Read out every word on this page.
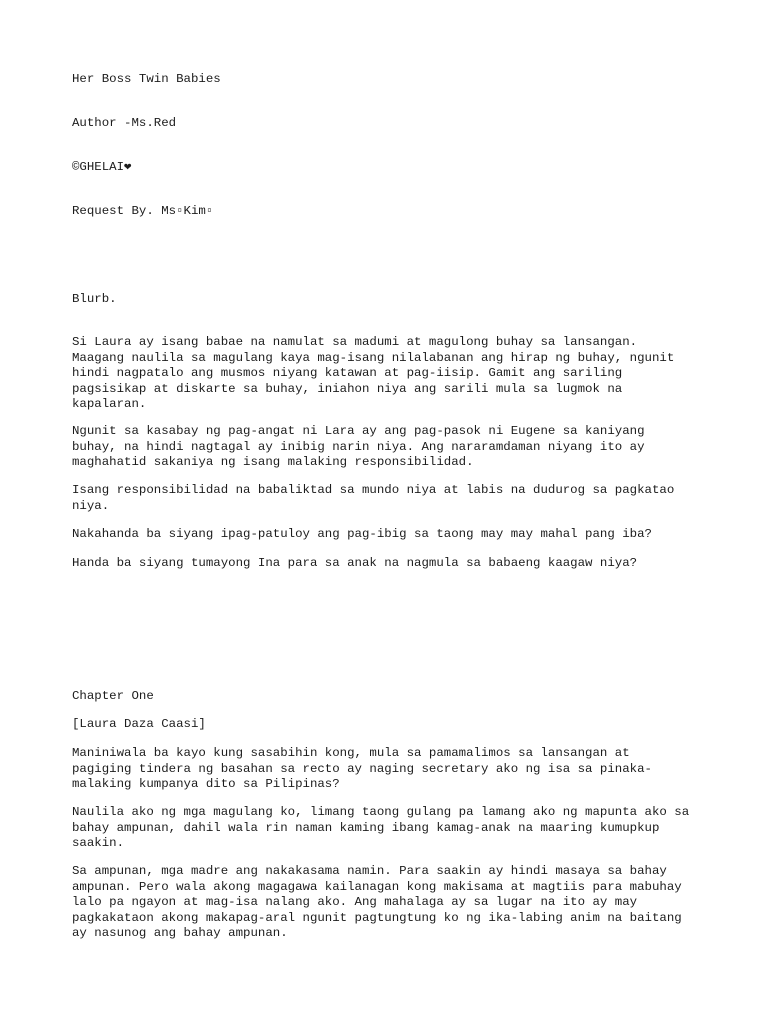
Her Boss Twin Babies

Author -Ms.Red

©GHELAI❤

Request By. Ms▫Kim▫

Blurb.

Si Laura ay isang babae na namulat sa madumi at magulong buhay sa lansangan.
Maagang naulila sa magulang kaya mag-isang nilalabanan ang hirap ng buhay, ngunit
hindi nagpatalo ang musmos niyang katawan at pag-iisip. Gamit ang sariling
pagsisikap at diskarte sa buhay, iniahon niya ang sarili mula sa lugmok na
kapalaran.

Ngunit sa kasabay ng pag-angat ni Lara ay ang pag-pasok ni Eugene sa kaniyang
buhay, na hindi nagtagal ay inibig narin niya. Ang nararamdaman niyang ito ay
maghahatid sakaniya ng isang malaking responsibilidad.

Isang responsibilidad na babaliktad sa mundo niya at labis na dudurog sa pagkatao
niya.

Nakahanda ba siyang ipag-patuloy ang pag-ibig sa taong may may mahal pang iba?

Handa ba siyang tumayong Ina para sa anak na nagmula sa babaeng kaagaw niya?

Chapter One

[Laura Daza Caasi]

Maniniwala ba kayo kung sasabihin kong, mula sa pamamalimos sa lansangan at
pagiging tindera ng basahan sa recto ay naging secretary ako ng isa sa pinaka-
malaking kumpanya dito sa Pilipinas?

Naulila ako ng mga magulang ko, limang taong gulang pa lamang ako ng mapunta ako sa
bahay ampunan, dahil wala rin naman kaming ibang kamag-anak na maaring kumupkup
saakin.

Sa ampunan, mga madre ang nakakasama namin. Para saakin ay hindi masaya sa bahay
ampunan. Pero wala akong magagawa kailanagan kong makisama at magtiis para mabuhay
lalo pa ngayon at mag-isa nalang ako. Ang mahalaga ay sa lugar na ito ay may
pagkakataon akong makapag-aral ngunit pagtungtung ko ng ika-labing anim na baitang
ay nasunog ang bahay ampunan.
